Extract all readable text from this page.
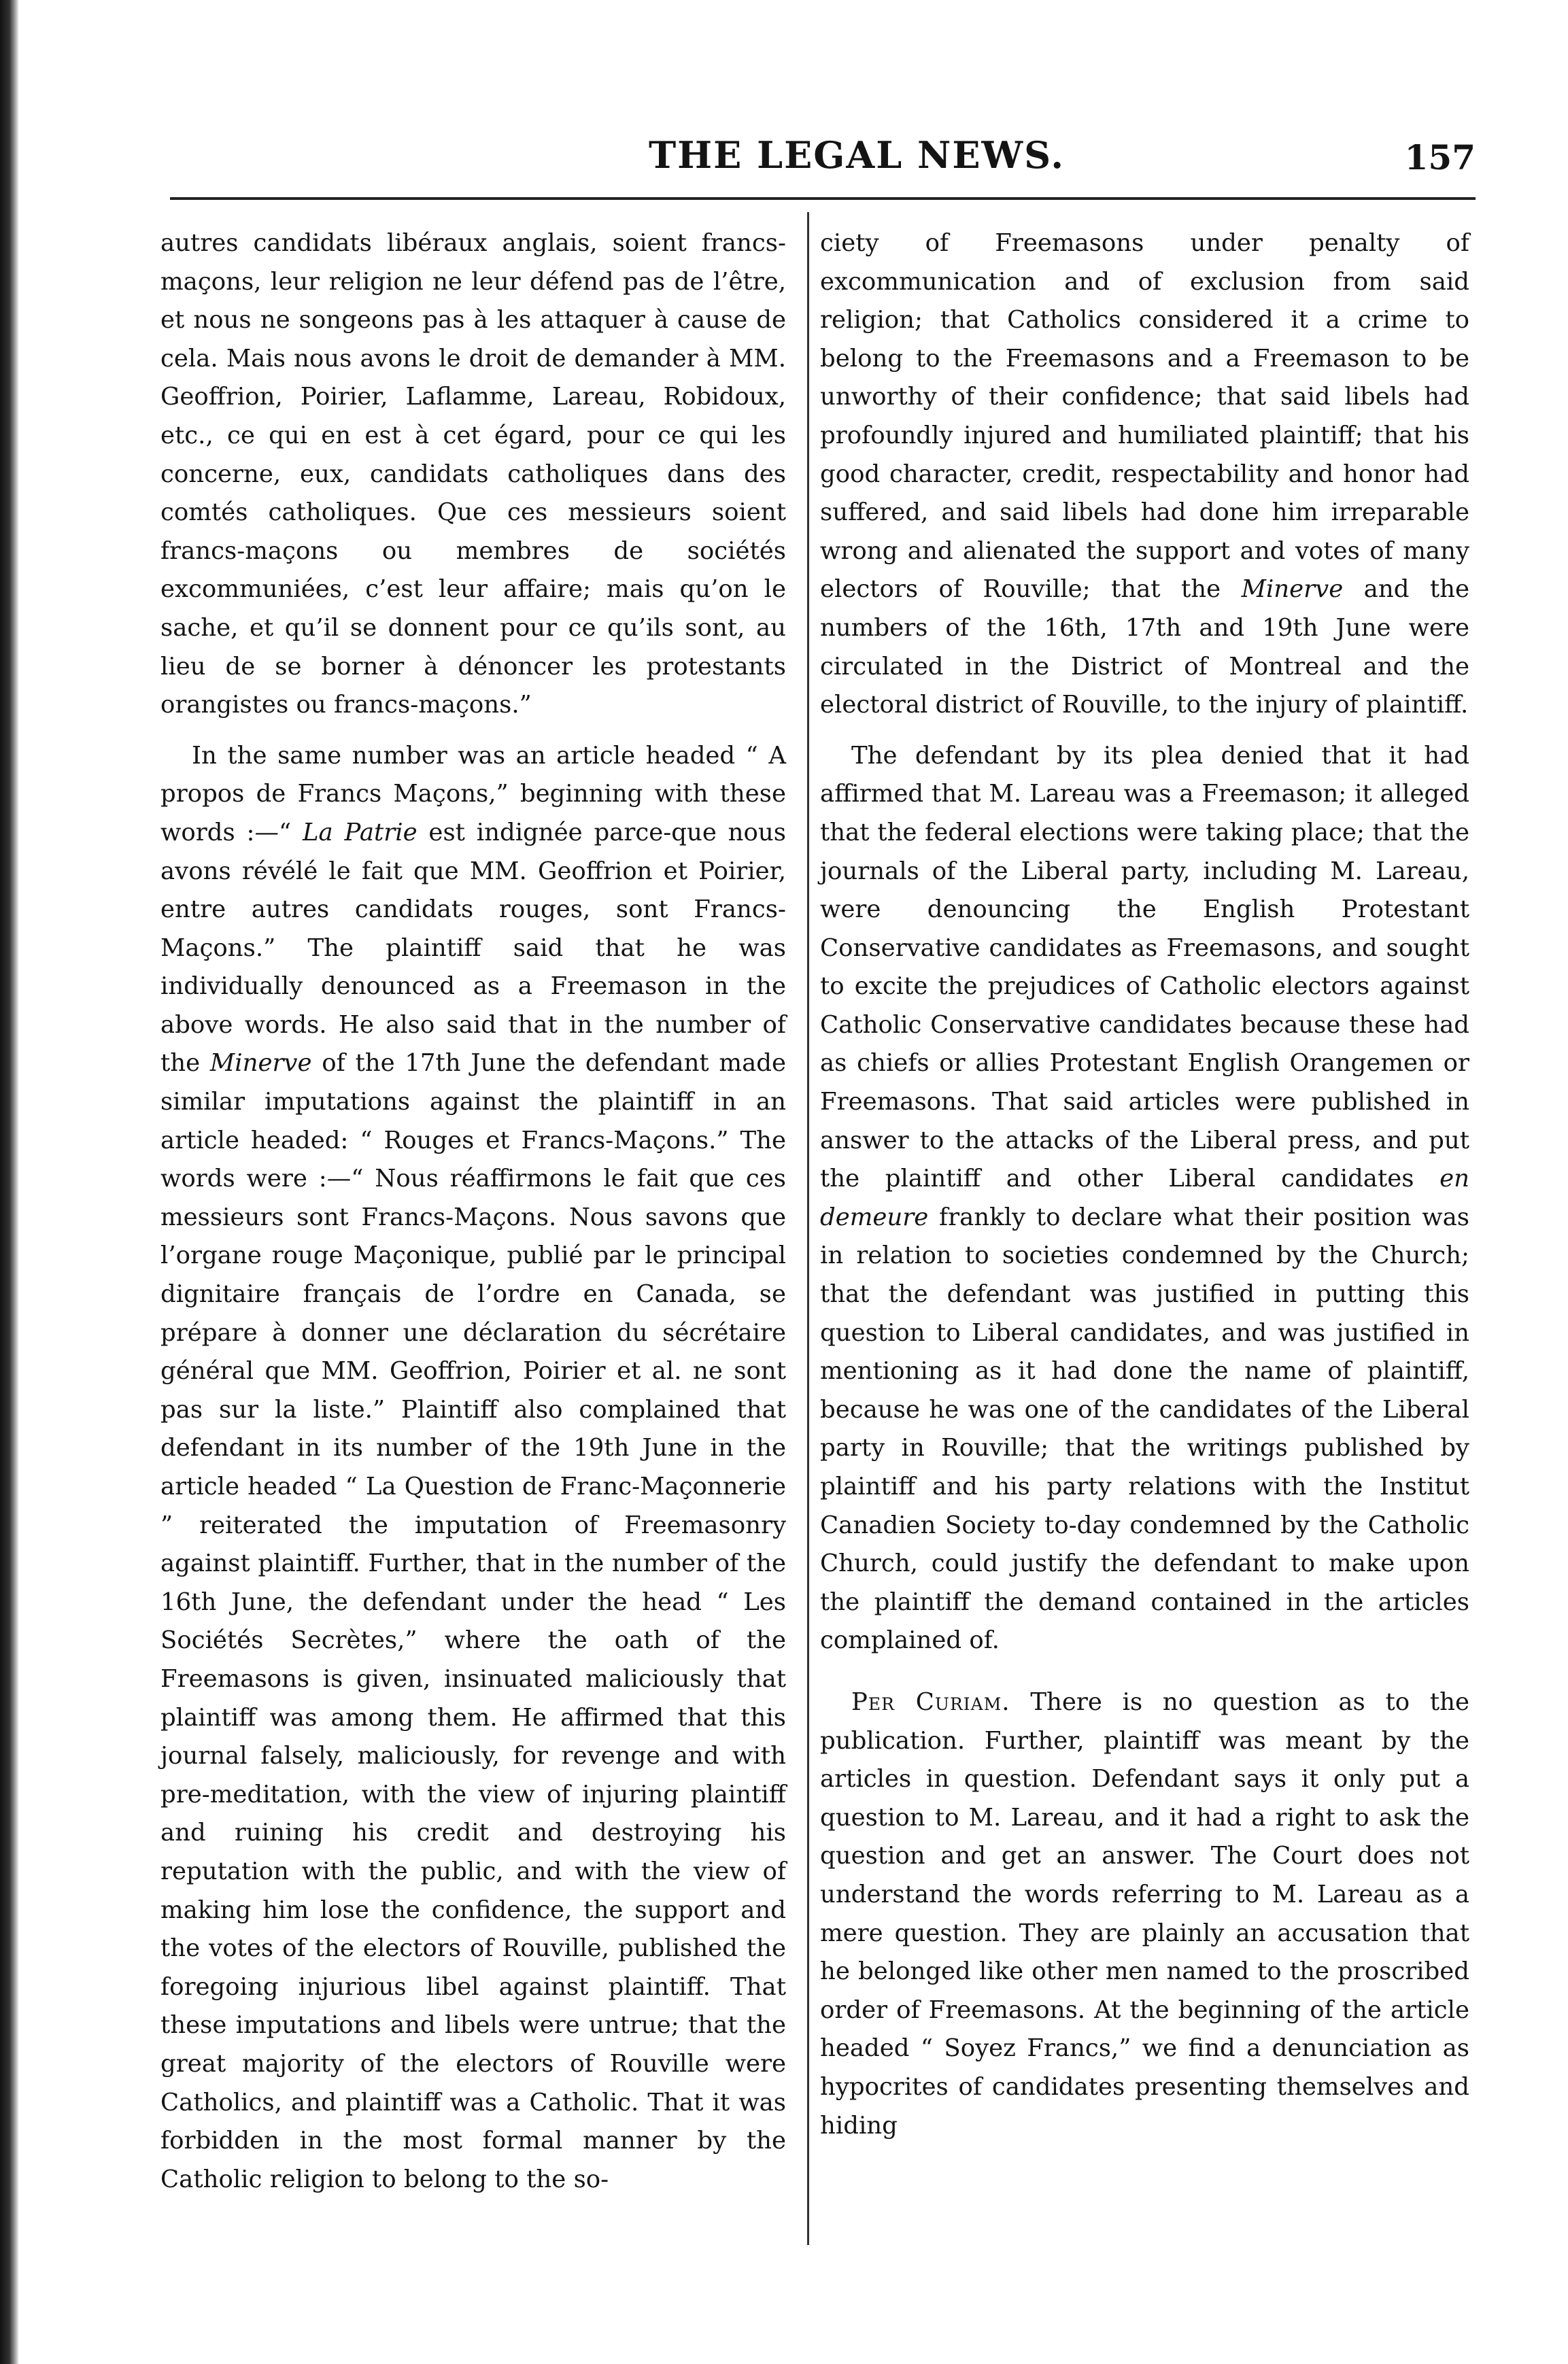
THE LEGAL NEWS.	157

autres candidats libéraux anglais, soient francs-maçons, leur religion ne leur défend pas de l’être, et nous ne songeons pas à les attaquer à cause de cela. Mais nous avons le droit de demander à MM. Geoffrion, Poirier, Laflamme, Lareau, Robidoux, etc., ce qui en est à cet égard, pour ce qui les concerne, eux, candidats catholiques dans des comtés catholiques. Que ces messieurs soient francs-maçons ou membres de sociétés excommuniées, c’est leur affaire; mais qu’on le sache, et qu’il se donnent pour ce qu’ils sont, au lieu de se borner à dénoncer les protestants orangistes ou francs-maçons.”

In the same number was an article headed “ A propos de Francs Maçons,” beginning with these words :—“ La Patrie est indignée parce-que nous avons révélé le fait que MM. Geoffrion et Poirier, entre autres candidats rouges, sont Francs-Maçons.” The plaintiff said that he was individually denounced as a Freemason in the above words. He also said that in the number of the Minerve of the 17th June the defendant made similar imputations against the plaintiff in an article headed: “ Rouges et Francs-Maçons.” The words were :—“ Nous réaffirmons le fait que ces messieurs sont Francs-Maçons. Nous savons que l’organe rouge Maçonique, publié par le principal dignitaire français de l’ordre en Canada, se prépare à donner une déclaration du sécrétaire général que MM. Geoffrion, Poirier et al. ne sont pas sur la liste.” Plaintiff also complained that defendant in its number of the 19th June in the article headed “ La Question de Franc-Maçonnerie ” reiterated the imputation of Freemasonry against plaintiff. Further, that in the number of the 16th June, the defendant under the head “ Les Sociétés Secrètes,” where the oath of the Freemasons is given, insinuated maliciously that plaintiff was among them. He affirmed that this journal falsely, maliciously, for revenge and with pre-meditation, with the view of injuring plaintiff and ruining his credit and destroying his reputation with the public, and with the view of making him lose the confidence, the support and the votes of the electors of Rouville, published the foregoing injurious libel against plaintiff. That these imputations and libels were untrue; that the great majority of the electors of Rouville were Catholics, and plaintiff was a Catholic. That it was forbidden in the most formal manner by the Catholic religion to belong to the so-

ciety of Freemasons under penalty of excommunication and of exclusion from said religion; that Catholics considered it a crime to belong to the Freemasons and a Freemason to be unworthy of their confidence; that said libels had profoundly injured and humiliated plaintiff; that his good character, credit, respectability and honor had suffered, and said libels had done him irreparable wrong and alienated the support and votes of many electors of Rouville; that the Minerve and the numbers of the 16th, 17th and 19th June were circulated in the District of Montreal and the electoral district of Rouville, to the injury of plaintiff.

The defendant by its plea denied that it had affirmed that M. Lareau was a Freemason; it alleged that the federal elections were taking place; that the journals of the Liberal party, including M. Lareau, were denouncing the English Protestant Conservative candidates as Freemasons, and sought to excite the prejudices of Catholic electors against Catholic Conservative candidates because these had as chiefs or allies Protestant English Orangemen or Freemasons. That said articles were published in answer to the attacks of the Liberal press, and put the plaintiff and other Liberal candidates en demeure frankly to declare what their position was in relation to societies condemned by the Church; that the defendant was justified in putting this question to Liberal candidates, and was justified in mentioning as it had done the name of plaintiff, because he was one of the candidates of the Liberal party in Rouville; that the writings published by plaintiff and his party relations with the Institut Canadien Society to-day condemned by the Catholic Church, could justify the defendant to make upon the plaintiff the demand contained in the articles complained of.

Per Curiam. There is no question as to the publication. Further, plaintiff was meant by the articles in question. Defendant says it only put a question to M. Lareau, and it had a right to ask the question and get an answer. The Court does not understand the words referring to M. Lareau as a mere question. They are plainly an accusation that he belonged like other men named to the proscribed order of Freemasons. At the beginning of the article headed “ Soyez Francs,” we find a denunciation as hypocrites of candidates presenting themselves and hiding
